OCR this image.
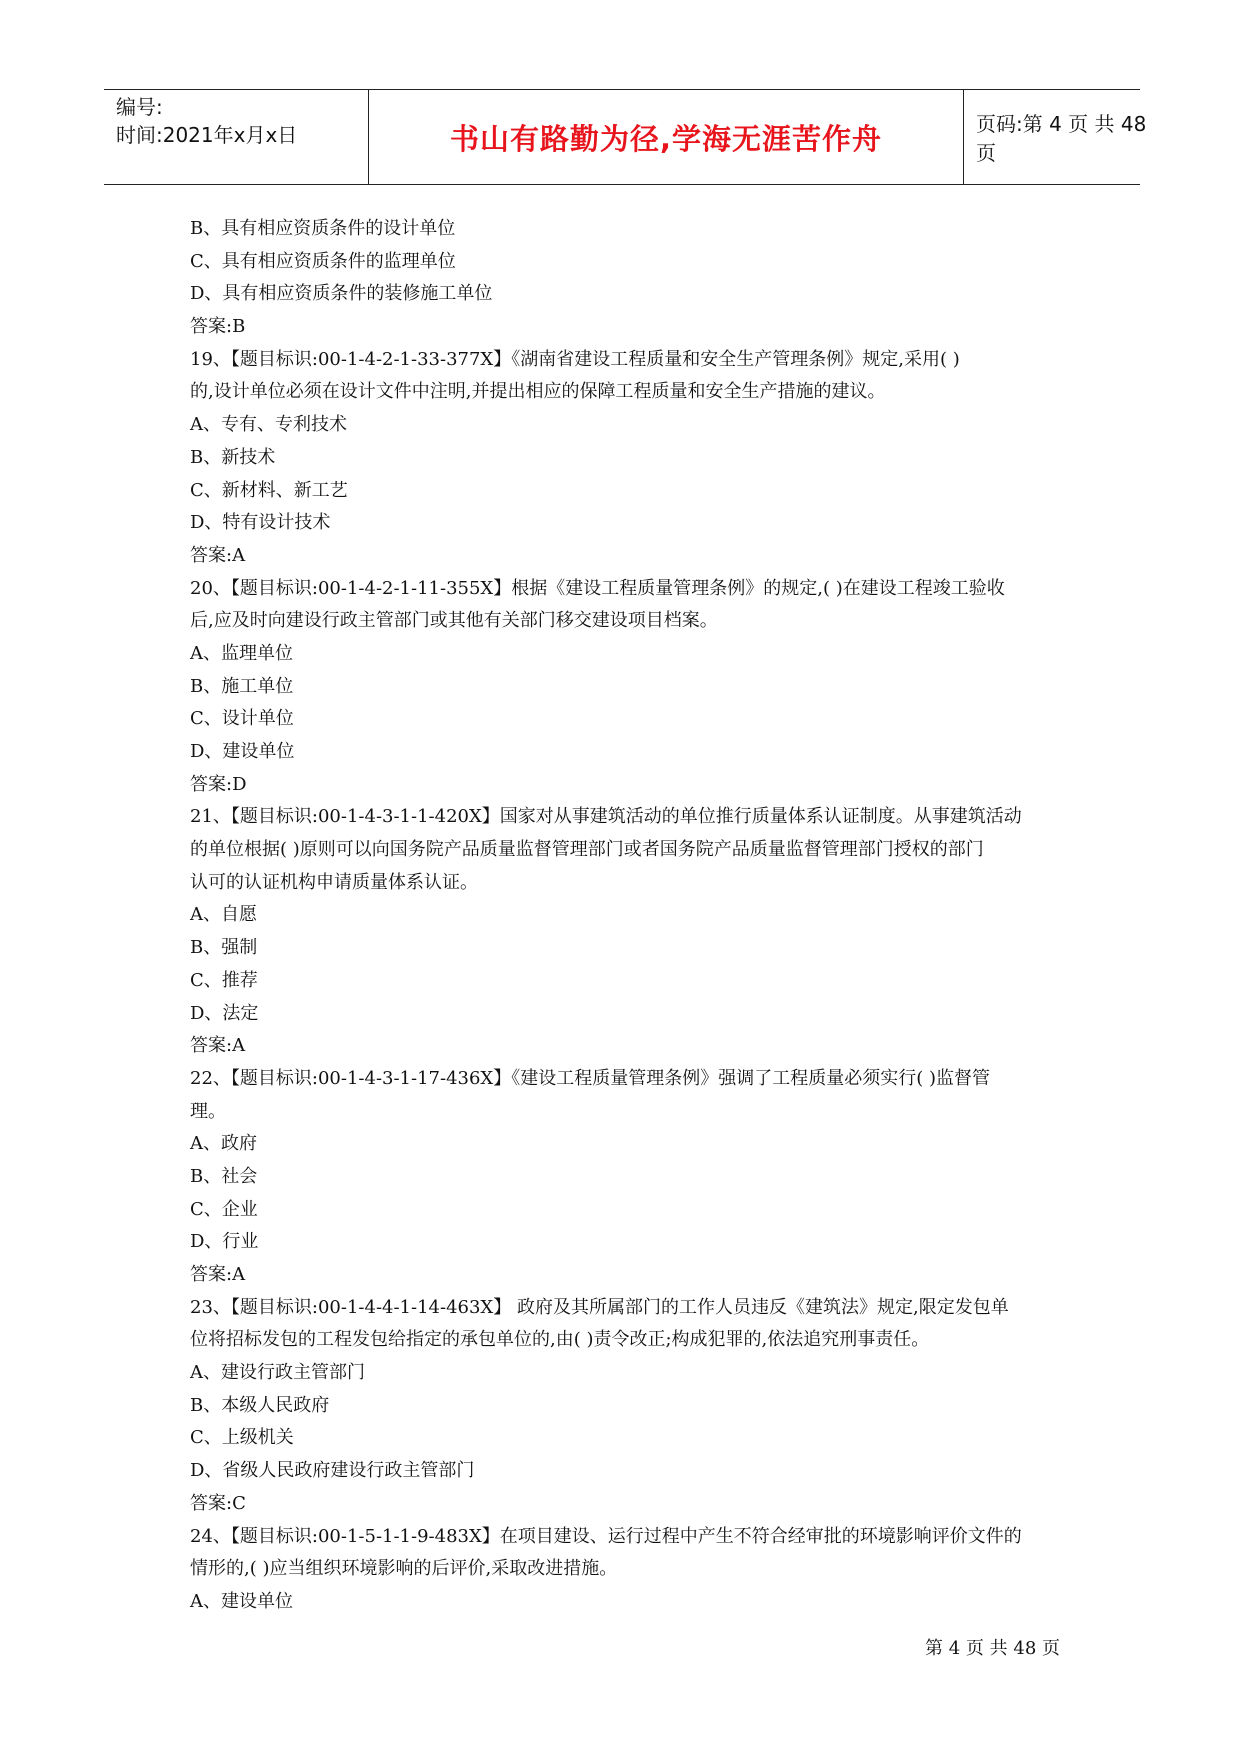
编号:
时间:2021年x月x日	书山有路勤为径,学海无涯苦作舟	页码:第 4 页 共 48 页
B、具有相应资质条件的设计单位
C、具有相应资质条件的监理单位
D、具有相应资质条件的装修施工单位
答案:B
19、【题目标识:00-1-4-2-1-33-377X】《湖南省建设工程质量和安全生产管理条例》规定,采用( )
的,设计单位必须在设计文件中注明,并提出相应的保障工程质量和安全生产措施的建议。
A、专有、专利技术
B、新技术
C、新材料、新工艺
D、特有设计技术
答案:A
20、【题目标识:00-1-4-2-1-11-355X】根据《建设工程质量管理条例》的规定,( )在建设工程竣工验收
后,应及时向建设行政主管部门或其他有关部门移交建设项目档案。
A、监理单位
B、施工单位
C、设计单位
D、建设单位
答案:D
21、【题目标识:00-1-4-3-1-1-420X】国家对从事建筑活动的单位推行质量体系认证制度。从事建筑活动
的单位根据( )原则可以向国务院产品质量监督管理部门或者国务院产品质量监督管理部门授权的部门
认可的认证机构申请质量体系认证。
A、自愿
B、强制
C、推荐
D、法定
答案:A
22、【题目标识:00-1-4-3-1-17-436X】《建设工程质量管理条例》强调了工程质量必须实行( )监督管
理。
A、政府
B、社会
C、企业
D、行业
答案:A
23、【题目标识:00-1-4-4-1-14-463X】 政府及其所属部门的工作人员违反《建筑法》规定,限定发包单
位将招标发包的工程发包给指定的承包单位的,由( )责令改正;构成犯罪的,依法追究刑事责任。
A、建设行政主管部门
B、本级人民政府
C、上级机关
D、省级人民政府建设行政主管部门
答案:C
24、【题目标识:00-1-5-1-1-9-483X】在项目建设、运行过程中产生不符合经审批的环境影响评价文件的
情形的,( )应当组织环境影响的后评价,采取改进措施。
A、建设单位
第 4 页 共 48 页
